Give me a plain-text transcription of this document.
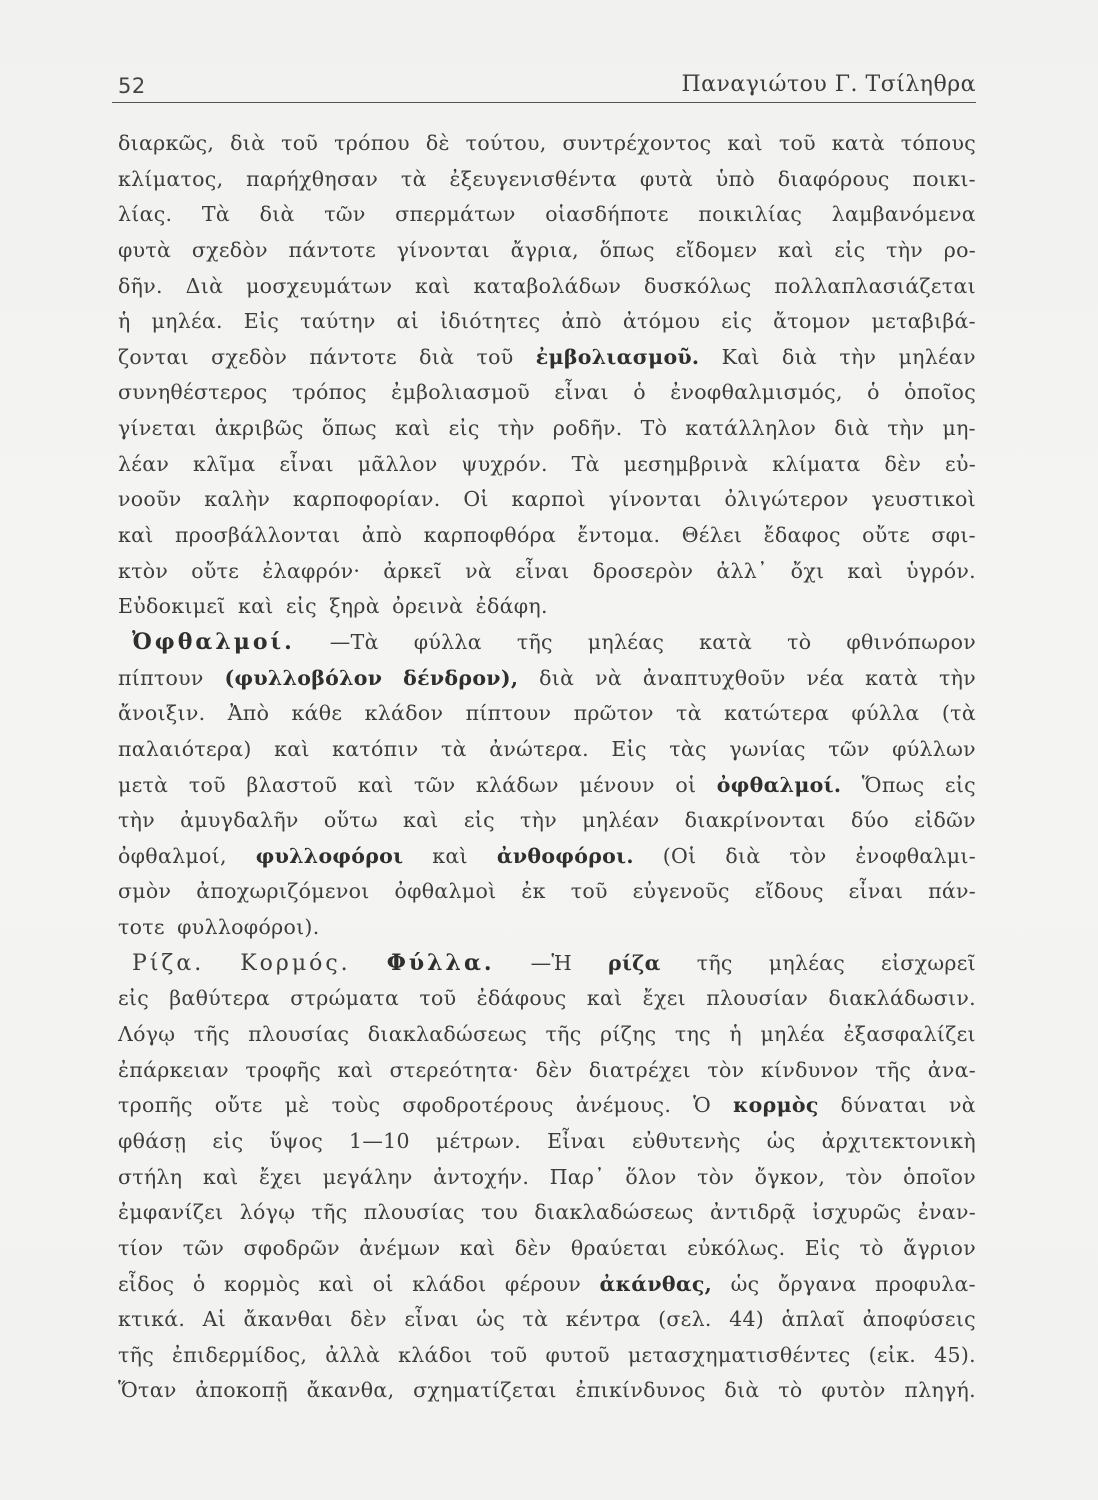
52	Παναγιώτου Γ. Τσίληθρα
διαρκῶς, διὰ τοῦ τρόπου δὲ τούτου, συντρέχοντος καὶ τοῦ κατὰ τόπους
κλίματος, παρήχθησαν τὰ ἐξευγενισθέντα φυτὰ ὑπὸ διαφόρους ποικι-
λίας. Τὰ διὰ τῶν σπερμάτων οἱασδήποτε ποικιλίας λαμβανόμενα
φυτὰ σχεδὸν πάντοτε γίνονται ἄγρια, ὅπως εἴδομεν καὶ εἰς τὴν ρο-
δῆν. Διὰ μοσχευμάτων καὶ καταβολάδων δυσκόλως πολλαπλασιάζεται
ἡ μηλέα. Εἰς ταύτην αἱ ἰδιότητες ἀπὸ ἀτόμου εἰς ἄτομον μεταβιβά-
ζονται σχεδὸν πάντοτε διὰ τοῦ ἐμβολιασμοῦ. Καὶ διὰ τὴν μηλέαν
συνηθέστερος τρόπος ἐμβολιασμοῦ εἶναι ὁ ἐνοφθαλμισμός, ὁ ὁποῖος
γίνεται ἀκριβῶς ὅπως καὶ εἰς τὴν ροδῆν. Τὸ κατάλληλον διὰ τὴν μη-
λέαν κλῖμα εἶναι μᾶλλον ψυχρόν. Τὰ μεσημβρινὰ κλίματα δὲν εὐ-
νοοῦν καλὴν καρποφορίαν. Οἱ καρποὶ γίνονται ὀλιγώτερον γευστικοὶ
καὶ προσβάλλονται ἀπὸ καρποφθόρα ἔντομα. Θέλει ἔδαφος οὔτε σφι-
κτὸν οὔτε ἐλαφρόν· ἀρκεῖ νὰ εἶναι δροσερὸν ἀλλ᾽ ὄχι καὶ ὑγρόν.
Εὐδοκιμεῖ καὶ εἰς ξηρὰ ὀρεινὰ ἐδάφη.
Ὀφθαλμοί. —Τὰ φύλλα τῆς μηλέας κατὰ τὸ φθινόπωρον
πίπτουν (φυλλοβόλον δένδρον), διὰ νὰ ἀναπτυχθοῦν νέα κατὰ τὴν
ἄνοιξιν. Ἀπὸ κάθε κλάδον πίπτουν πρῶτον τὰ κατώτερα φύλλα (τὰ
παλαιότερα) καὶ κατόπιν τὰ ἀνώτερα. Εἰς τὰς γωνίας τῶν φύλλων
μετὰ τοῦ βλαστοῦ καὶ τῶν κλάδων μένουν οἱ ὀφθαλμοί. Ὅπως εἰς
τὴν ἀμυγδαλῆν οὕτω καὶ εἰς τὴν μηλέαν διακρίνονται δύο εἰδῶν
ὀφθαλμοί, φυλλοφόροι καὶ ἀνθοφόροι. (Οἱ διὰ τὸν ἐνοφθαλμι-
σμὸν ἀποχωριζόμενοι ὀφθαλμοὶ ἐκ τοῦ εὐγενοῦς εἴδους εἶναι πάν-
τοτε φυλλοφόροι).
Ρίζα. Κορμός. Φύλλα. —Ἡ ρίζα τῆς μηλέας εἰσχωρεῖ
εἰς βαθύτερα στρώματα τοῦ ἐδάφους καὶ ἔχει πλουσίαν διακλάδωσιν.
Λόγῳ τῆς πλουσίας διακλαδώσεως τῆς ρίζης της ἡ μηλέα ἐξασφαλίζει
ἐπάρκειαν τροφῆς καὶ στερεότητα· δὲν διατρέχει τὸν κίνδυνον τῆς ἀνα-
τροπῆς οὔτε μὲ τοὺς σφοδροτέρους ἀνέμους. Ὁ κορμὸς δύναται νὰ
φθάσῃ εἰς ὕψος 1—10 μέτρων. Εἶναι εὐθυτενὴς ὡς ἀρχιτεκτονικὴ
στήλη καὶ ἔχει μεγάλην ἀντοχήν. Παρ᾽ ὅλον τὸν ὄγκον, τὸν ὁποῖον
ἐμφανίζει λόγῳ τῆς πλουσίας του διακλαδώσεως ἀντιδρᾷ ἰσχυρῶς ἐναν-
τίον τῶν σφοδρῶν ἀνέμων καὶ δὲν θραύεται εὐκόλως. Εἰς τὸ ἄγριον
εἶδος ὁ κορμὸς καὶ οἱ κλάδοι φέρουν ἀκάνθας, ὡς ὄργανα προφυλα-
κτικά. Αἱ ἄκανθαι δὲν εἶναι ὡς τὰ κέντρα (σελ. 44) ἁπλαῖ ἀποφύσεις
τῆς ἐπιδερμίδος, ἀλλὰ κλάδοι τοῦ φυτοῦ μετασχηματισθέντες (εἰκ. 45).
Ὅταν ἀποκοπῇ ἄκανθα, σχηματίζεται ἐπικίνδυνος διὰ τὸ φυτὸν πληγή.
